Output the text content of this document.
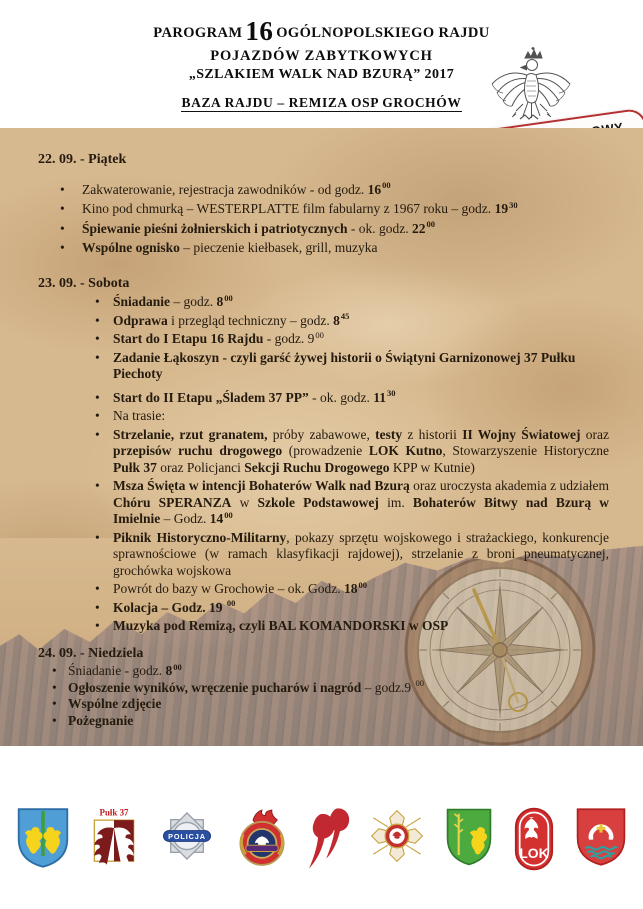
PAROGRAM 16 OGÓLNOPOLSKIEGO RAJDU
POJAZDÓW ZABYTKOWYCH
„SZLAKIEM WALK NAD BZURĄ” 2017
BAZA RAJDU – REMIZA OSP GROCHÓW
22. 09. - Piątek
•	Zakwaterowanie, rejestracja zawodników - od godz. $16^{00}$
•	Kino pod chmurką – WESTERPLATTE film fabularny z 1967 roku – godz. $19^{30}$
•	Śpiewanie pieśni żołnierskich i patriotycznych - ok. godz. $22^{00}$
•	Wspólne ognisko – pieczenie kiełbasek, grill, muzyka
23. 09. - Sobota
• Śniadanie – godz. $8^{00}$
• Odprawa i przegląd techniczny – godz. $8^{45}$
• Start do I Etapu 16 Rajdu - godz. $9^{00}$
• Zadanie Łąkoszyn - czyli garść żywej historii o Świątyni Garnizonowej 37 Pułku Piechoty
• Start do II Etapu „Śladem 37 PP” - ok. godz. $11^{30}$
• Na trasie:
• Strzelanie, rzut granatem, próby zabawowe, testy z historii II Wojny Światowej oraz przepisów ruchu drogowego (prowadzenie LOK Kutno, Stowarzyszenie Historyczne Pułk 37 oraz Policjanci Sekcji Ruchu Drogowego KPP w Kutnie)
• Msza Święta w intencji Bohaterów Walk nad Bzurą oraz uroczysta akademia z udziałem Chóru SPERANZA w Szkole Podstawowej im. Bohaterów Bitwy nad Bzurą w Imielnie – Godz. $14^{00}$
• Piknik Historyczno-Militarny, pokazy sprzętu wojskowego i strażackiego, konkurencje sprawnościowe (w ramach klasyfikacji rajdowej), strzelanie z broni pneumatycznej, grochówka wojskowa
• Powrót do bazy w Grochowie – ok. Godz. $18^{00}$
• Kolacja – Godz. 19 $^{00}$
• Muzyka pod Remizą, czyli BAL KOMANDORSKI w OSP
24. 09. - Niedziela
• Śniadanie - godz. $8^{00}$
• Ogłoszenie wyników, wręczenie pucharów i nagród – godz.9 $^{00}$
• Wspólne zdjęcie
• Pożegnanie
Pułk 37
POLICJA
LOK
